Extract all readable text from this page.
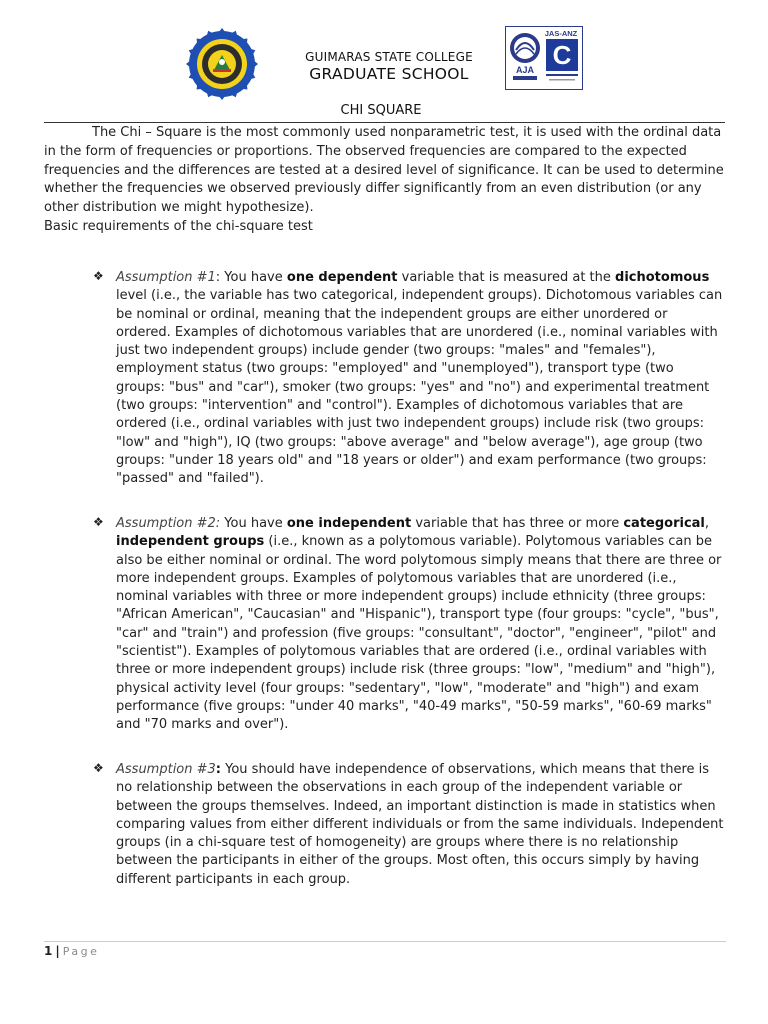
GUIMARAS STATE COLLEGE
GRADUATE SCHOOL	AJA
JAS-ANZ
C
CHI SQUARE
The Chi – Square is the most commonly used nonparametric test, it is used with the ordinal data in the form of frequencies or proportions. The observed frequencies are compared to the expected frequencies and the differences are tested at a desired level of significance. It can be used to determine whether the frequencies we observed previously differ significantly from an even distribution (or any other distribution we might hypothesize).
Basic requirements of the chi-square test
❖ Assumption #1: You have one dependent variable that is measured at the dichotomous level (i.e., the variable has two categorical, independent groups). Dichotomous variables can be nominal or ordinal, meaning that the independent groups are either unordered or ordered. Examples of dichotomous variables that are unordered (i.e., nominal variables with just two independent groups) include gender (two groups: "males" and "females"), employment status (two groups: "employed" and "unemployed"), transport type (two groups: "bus" and "car"), smoker (two groups: "yes" and "no") and experimental treatment (two groups: "intervention" and "control"). Examples of dichotomous variables that are ordered (i.e., ordinal variables with just two independent groups) include risk (two groups: "low" and "high"), IQ (two groups: "above average" and "below average"), age group (two groups: "under 18 years old" and "18 years or older") and exam performance (two groups: "passed" and "failed").
❖ Assumption #2: You have one independent variable that has three or more categorical, independent groups (i.e., known as a polytomous variable). Polytomous variables can be also be either nominal or ordinal. The word polytomous simply means that there are three or more independent groups. Examples of polytomous variables that are unordered (i.e., nominal variables with three or more independent groups) include ethnicity (three groups: "African American", "Caucasian" and "Hispanic"), transport type (four groups: "cycle", "bus", "car" and "train") and profession (five groups: "consultant", "doctor", "engineer", "pilot" and "scientist"). Examples of polytomous variables that are ordered (i.e., ordinal variables with three or more independent groups) include risk (three groups: "low", "medium" and "high"), physical activity level (four groups: "sedentary", "low", "moderate" and "high") and exam performance (five groups: "under 40 marks", "40-49 marks", "50-59 marks", "60-69 marks" and "70 marks and over").
❖ Assumption #3: You should have independence of observations, which means that there is no relationship between the observations in each group of the independent variable or between the groups themselves. Indeed, an important distinction is made in statistics when comparing values from either different individuals or from the same individuals. Independent groups (in a chi-square test of homogeneity) are groups where there is no relationship between the participants in either of the groups. Most often, this occurs simply by having different participants in each group.
1 | Page
